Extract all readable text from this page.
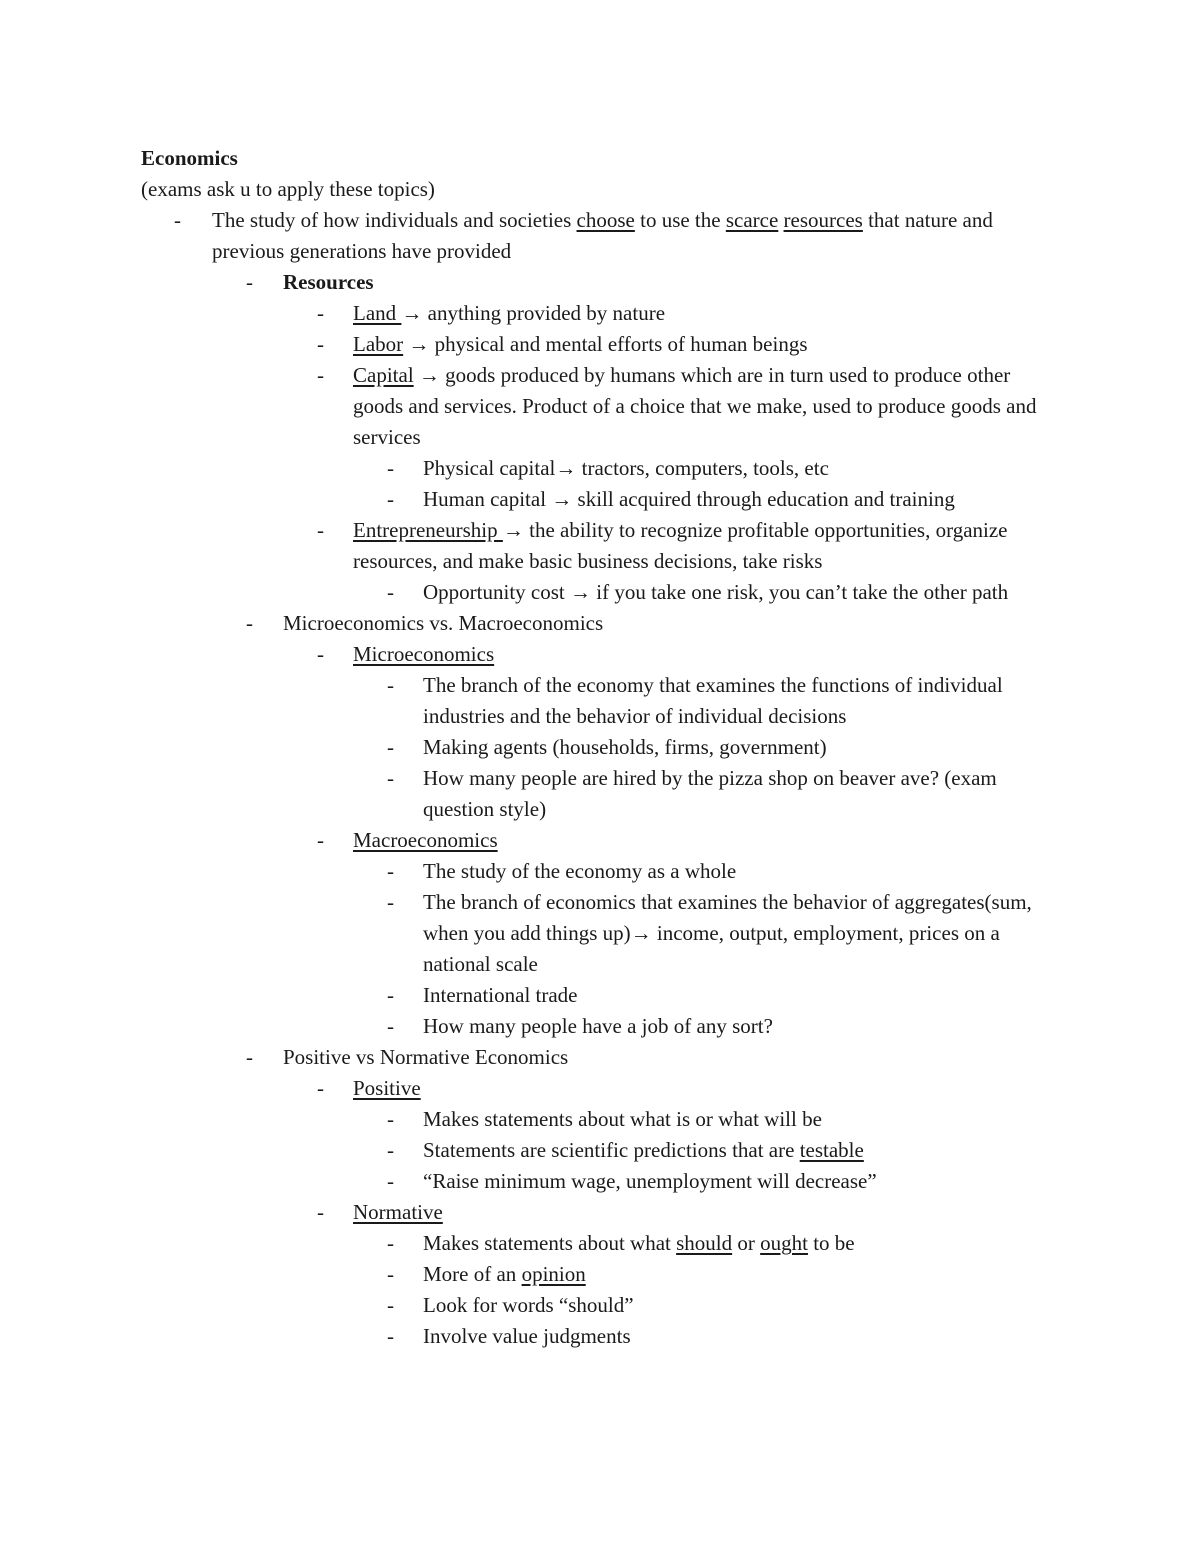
Economics
(exams ask u to apply these topics)
- The study of how individuals and societies choose to use the scarce resources that nature and previous generations have provided
- Resources
- Land → anything provided by nature
- Labor → physical and mental efforts of human beings
- Capital → goods produced by humans which are in turn used to produce other goods and services. Product of a choice that we make, used to produce goods and services
- Physical capital→ tractors, computers, tools, etc
- Human capital → skill acquired through education and training
- Entrepreneurship → the ability to recognize profitable opportunities, organize resources, and make basic business decisions, take risks
- Opportunity cost → if you take one risk, you can’t take the other path
- Microeconomics vs. Macroeconomics
- Microeconomics
- The branch of the economy that examines the functions of individual industries and the behavior of individual decisions
- Making agents (households, firms, government)
- How many people are hired by the pizza shop on beaver ave? (exam question style)
- Macroeconomics
- The study of the economy as a whole
- The branch of economics that examines the behavior of aggregates(sum, when you add things up)→ income, output, employment, prices on a national scale
- International trade
- How many people have a job of any sort?
- Positive vs Normative Economics
- Positive
- Makes statements about what is or what will be
- Statements are scientific predictions that are testable
- “Raise minimum wage, unemployment will decrease”
- Normative
- Makes statements about what should or ought to be
- More of an opinion
- Look for words “should”
- Involve value judgments
